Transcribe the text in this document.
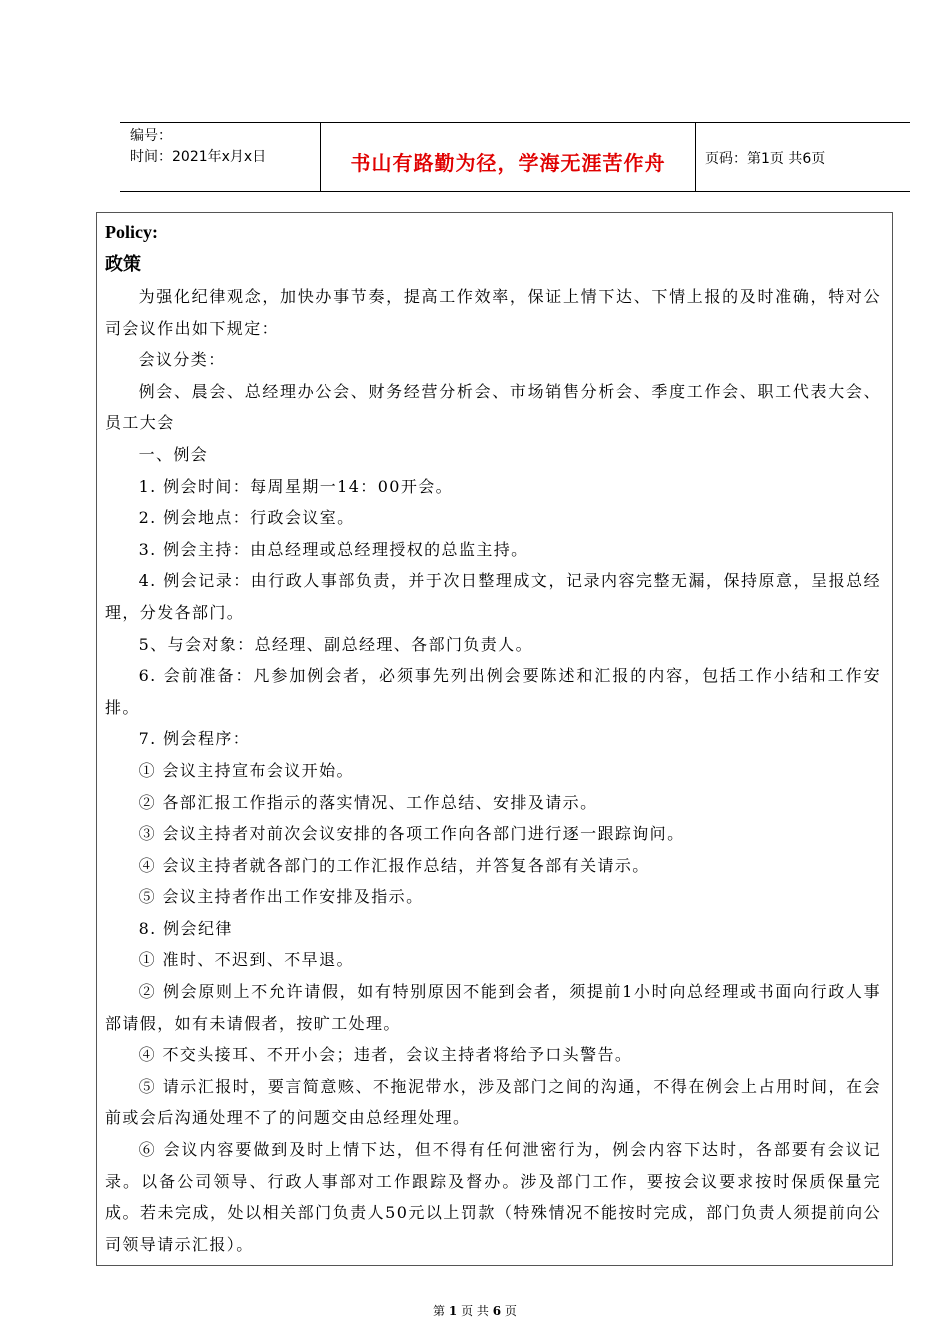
编号：
时间：2021年x月x日	书山有路勤为径，学海无涯苦作舟	页码：第1页 共6页
Policy:
政策

为强化纪律观念，加快办事节奏，提高工作效率，保证上情下达、下情上报的及时准确，特对公司会议作出如下规定：

会议分类：

例会、晨会、总经理办公会、财务经营分析会、市场销售分析会、季度工作会、职工代表大会、员工大会

一、例会

1. 例会时间：每周星期一14：00开会。

2. 例会地点：行政会议室。

3. 例会主持：由总经理或总经理授权的总监主持。

4. 例会记录：由行政人事部负责，并于次日整理成文，记录内容完整无漏，保持原意，呈报总经理，分发各部门。

5、与会对象：总经理、副总经理、各部门负责人。

6. 会前准备：凡参加例会者，必须事先列出例会要陈述和汇报的内容，包括工作小结和工作安排。

7. 例会程序：

① 会议主持宣布会议开始。

② 各部汇报工作指示的落实情况、工作总结、安排及请示。

③ 会议主持者对前次会议安排的各项工作向各部门进行逐一跟踪询问。

④ 会议主持者就各部门的工作汇报作总结，并答复各部有关请示。

⑤ 会议主持者作出工作安排及指示。

8. 例会纪律

① 准时、不迟到、不早退。

② 例会原则上不允许请假，如有特别原因不能到会者，须提前1小时向总经理或书面向行政人事部请假，如有未请假者，按旷工处理。

④ 不交头接耳、不开小会；违者，会议主持者将给予口头警告。

⑤ 请示汇报时，要言简意赅、不拖泥带水，涉及部门之间的沟通，不得在例会上占用时间，在会前或会后沟通处理不了的问题交由总经理处理。

⑥ 会议内容要做到及时上情下达，但不得有任何泄密行为，例会内容下达时，各部要有会议记录。以备公司领导、行政人事部对工作跟踪及督办。涉及部门工作，要按会议要求按时保质保量完成。若未完成，处以相关部门负责人50元以上罚款（特殊情况不能按时完成，部门负责人须提前向公司领导请示汇报）。

第 1 页 共 6 页
